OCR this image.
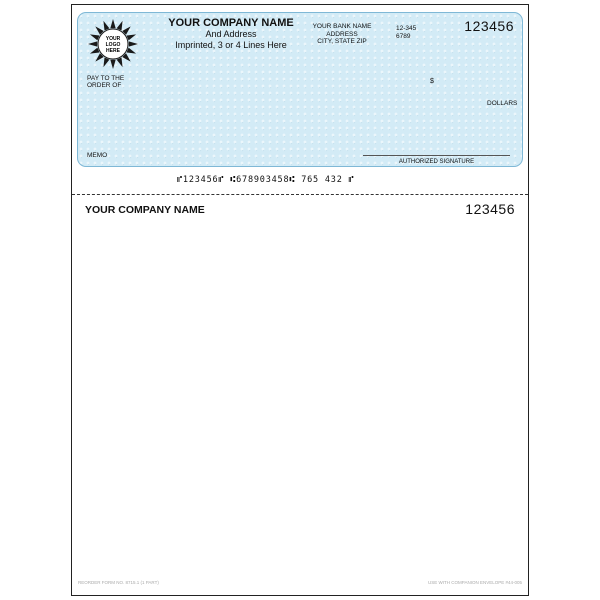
YOUR
LOGO
HERE
YOUR COMPANY NAME
And Address
Imprinted, 3 or 4 Lines Here
YOUR BANK NAME
ADDRESS
CITY, STATE ZIP
12-345
6789
123456
PAY TO THE
ORDER OF
$
DOLLARS
MEMO
AUTHORIZED SIGNATURE
⑈123456⑈ ⑆678903458⑆ 765 432 ⑈
YOUR COMPANY NAME	123456
REORDER FORM NO. 8715.1 (1 PART)	USE WITH COMPANION ENVELOPE #44-005
